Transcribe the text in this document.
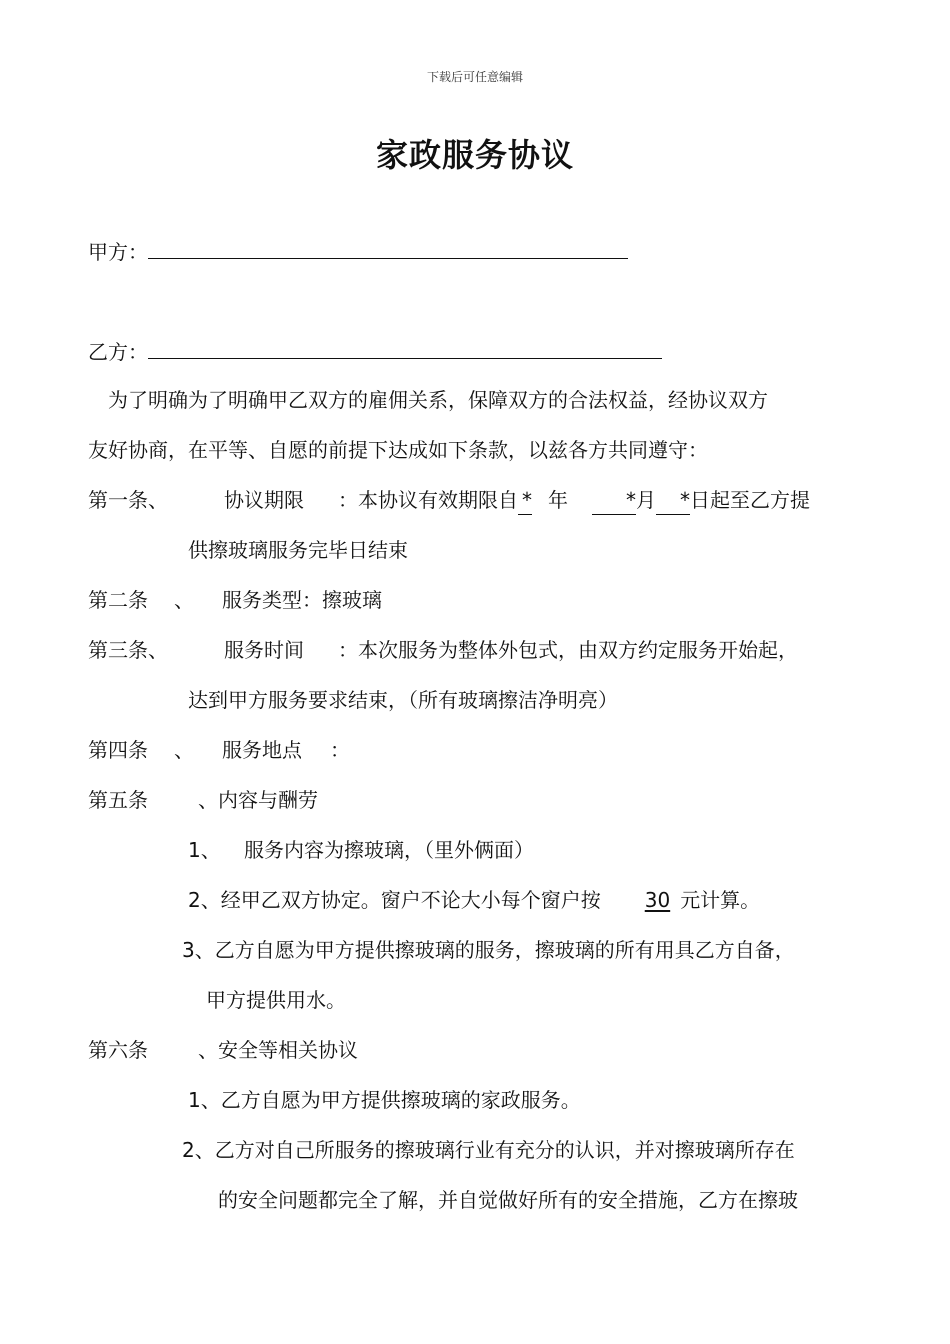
下载后可任意编辑
家政服务协议
甲方：
乙方：
为了明确为了明确甲乙双方的雇佣关系，保障双方的合法权益，经协议双方
友好协商，在平等、自愿的前提下达成如下条款，以兹各方共同遵守：
第一条、	协议期限 ：本协议有效期限自 * 年	*月 *日起至乙方提
供擦玻璃服务完毕日结束
第二条 、 服务类型：擦玻璃
第三条、	服务时间 ：本次服务为整体外包式，由双方约定服务开始起，
达到甲方服务要求结束，（所有玻璃擦洁净明亮）
第四条 、 服务地点 ：
第五条	、内容与酬劳
1、 服务内容为擦玻璃，（里外俩面）
2、经甲乙双方协定。窗户不论大小每个窗户按 30 元计算。
3、乙方自愿为甲方提供擦玻璃的服务，擦玻璃的所有用具乙方自备，
甲方提供用水。
第六条	、安全等相关协议
1、乙方自愿为甲方提供擦玻璃的家政服务。
2、乙方对自己所服务的擦玻璃行业有充分的认识，并对擦玻璃所存在
的安全问题都完全了解，并自觉做好所有的安全措施，乙方在擦玻
